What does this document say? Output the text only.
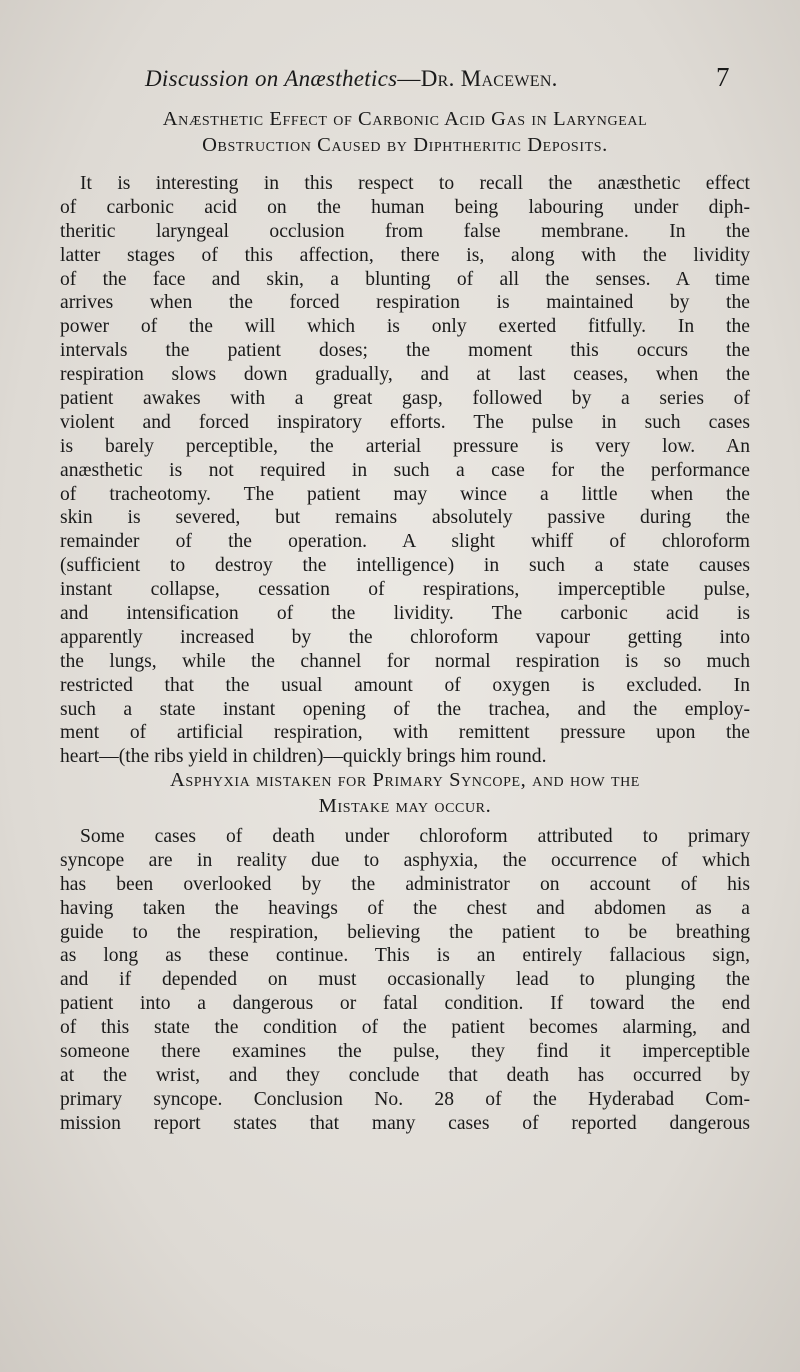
Discussion on Anæsthetics—Dr. Macewen.	7
Anæsthetic Effect of Carbonic Acid Gas in Laryngeal
Obstruction Caused by Diphtheritic Deposits.
It is interesting in this respect to recall the anæsthetic effect
of carbonic acid on the human being labouring under diph-
theritic laryngeal occlusion from false membrane. In the
latter stages of this affection, there is, along with the lividity
of the face and skin, a blunting of all the senses. A time
arrives when the forced respiration is maintained by the
power of the will which is only exerted fitfully. In the
intervals the patient doses; the moment this occurs the
respiration slows down gradually, and at last ceases, when the
patient awakes with a great gasp, followed by a series of
violent and forced inspiratory efforts. The pulse in such cases
is barely perceptible, the arterial pressure is very low. An
anæsthetic is not required in such a case for the performance
of tracheotomy. The patient may wince a little when the
skin is severed, but remains absolutely passive during the
remainder of the operation. A slight whiff of chloroform
(sufficient to destroy the intelligence) in such a state causes
instant collapse, cessation of respirations, imperceptible pulse,
and intensification of the lividity. The carbonic acid is
apparently increased by the chloroform vapour getting into
the lungs, while the channel for normal respiration is so much
restricted that the usual amount of oxygen is excluded. In
such a state instant opening of the trachea, and the employ-
ment of artificial respiration, with remittent pressure upon the
heart—(the ribs yield in children)—quickly brings him round.
Asphyxia mistaken for Primary Syncope, and how the
Mistake may occur.
Some cases of death under chloroform attributed to primary
syncope are in reality due to asphyxia, the occurrence of which
has been overlooked by the administrator on account of his
having taken the heavings of the chest and abdomen as a
guide to the respiration, believing the patient to be breathing
as long as these continue. This is an entirely fallacious sign,
and if depended on must occasionally lead to plunging the
patient into a dangerous or fatal condition. If toward the end
of this state the condition of the patient becomes alarming, and
someone there examines the pulse, they find it imperceptible
at the wrist, and they conclude that death has occurred by
primary syncope. Conclusion No. 28 of the Hyderabad Com-
mission report states that many cases of reported dangerous
